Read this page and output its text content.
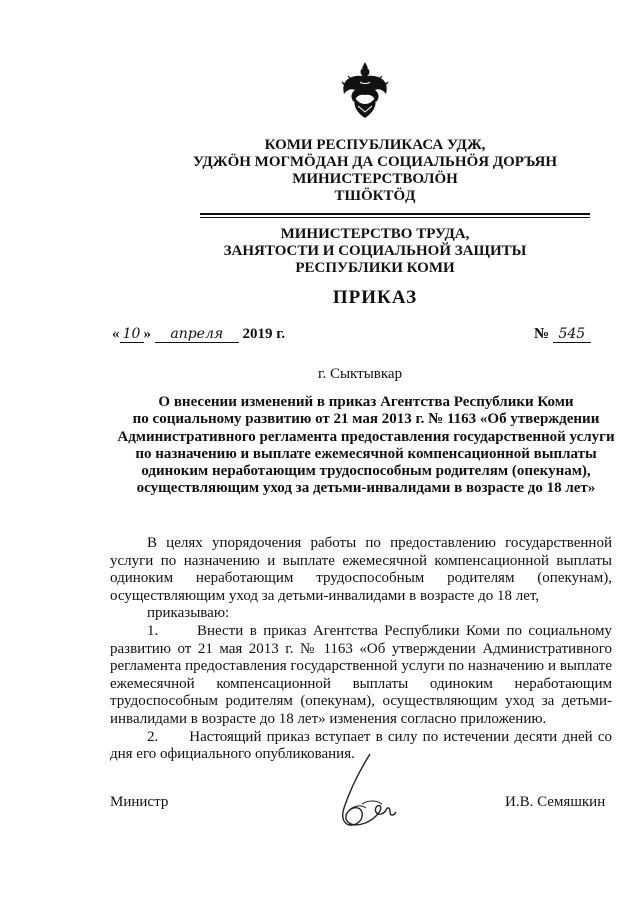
КОМИ РЕСПУБЛИКАСА УДЖ,
УДЖӦН МОГМӦДАН ДА СОЦИАЛЬНӦЯ ДОРЪЯН
МИНИСТЕРСТВОЛӦН
ТШӦКТӦД
МИНИСТЕРСТВО ТРУДА,
ЗАНЯТОСТИ И СОЦИАЛЬНОЙ ЗАЩИТЫ
РЕСПУБЛИКИ КОМИ
ПРИКАЗ
« 10 » апреля 2019 г.	№ 545
г. Сыктывкар
О внесении изменений в приказ Агентства Республики Коми
по социальному развитию от 21 мая 2013 г. № 1163 «Об утверждении
Административного регламента предоставления государственной услуги
по назначению и выплате ежемесячной компенсационной выплаты
одиноким неработающим трудоспособным родителям (опекунам),
осуществляющим уход за детьми-инвалидами в возрасте до 18 лет»

В целях упорядочения работы по предоставлению государственной услуги по назначению и выплате ежемесячной компенсационной выплаты одиноким неработающим трудоспособным родителям (опекунам), осуществляющим уход за детьми-инвалидами в возрасте до 18 лет,

приказываю:

1.      Внести в приказ Агентства Республики Коми по социальному развитию от 21 мая 2013 г. № 1163 «Об утверждении Административного регламента предоставления государственной услуги по назначению и выплате ежемесячной компенсационной выплаты одиноким неработающим трудоспособным родителям (опекунам), осуществляющим уход за детьми-инвалидами в возрасте до 18 лет» изменения согласно приложению.

2.      Настоящий приказ вступает в силу по истечении десяти дней со дня его официального опубликования.

Министр	И.В. Семяшкин
